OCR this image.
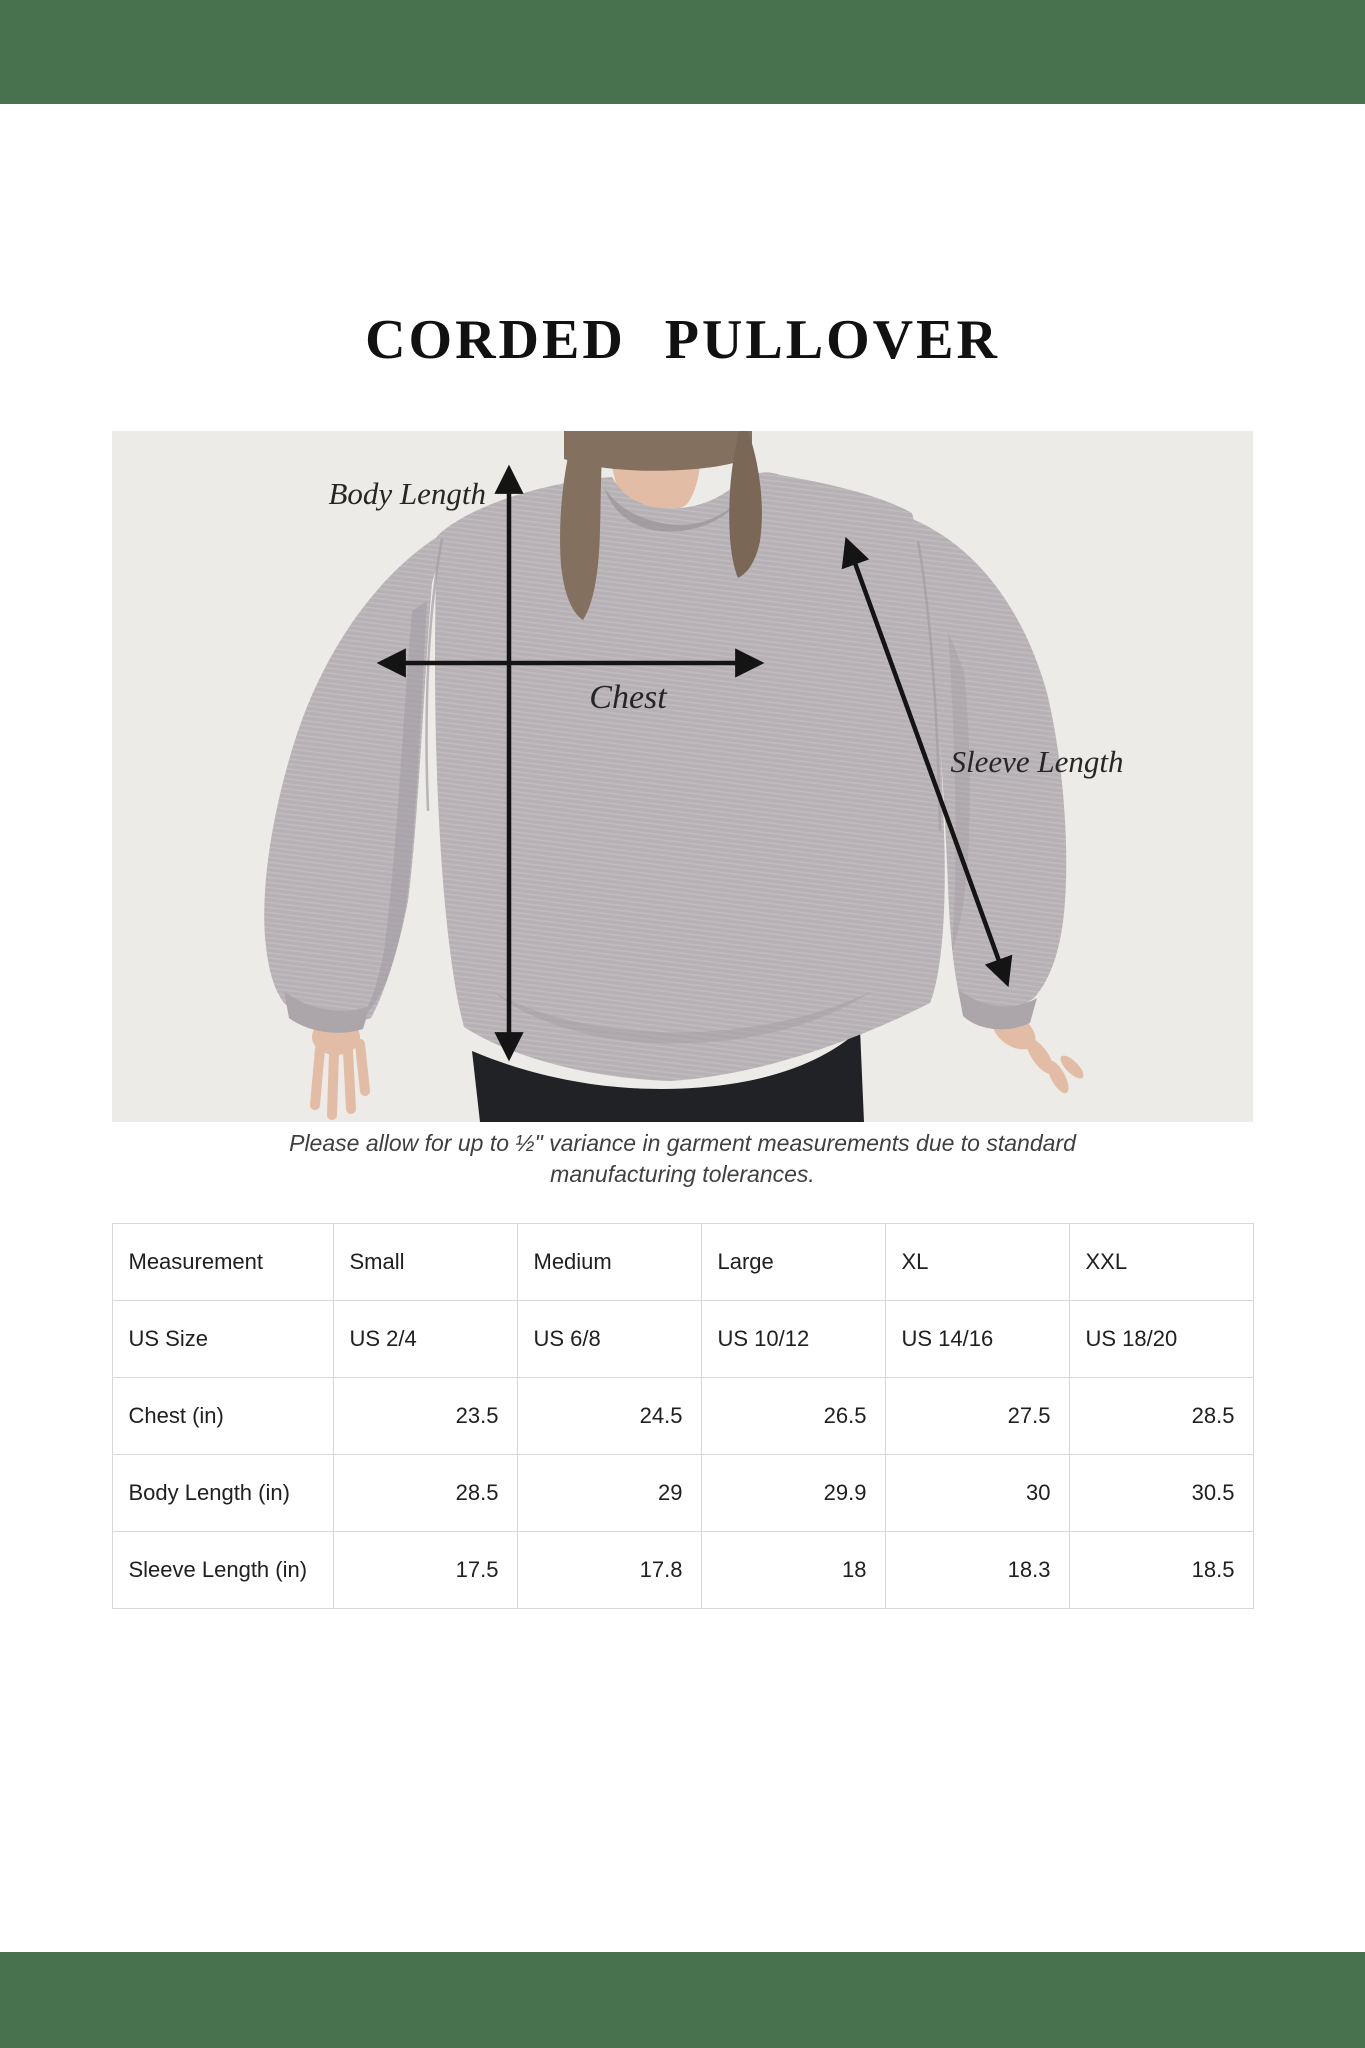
CORDED PULLOVER
Body Length
Chest
Sleeve Length

Please allow for up to ½" variance in garment measurements due to standard manufacturing tolerances.

Measurement	Small	Medium	Large	XL	XXL
US Size	US 2/4	US 6/8	US 10/12	US 14/16	US 18/20
Chest (in)	23.5	24.5	26.5	27.5	28.5
Body Length (in)	28.5	29	29.9	30	30.5
Sleeve Length (in)	17.5	17.8	18	18.3	18.5
